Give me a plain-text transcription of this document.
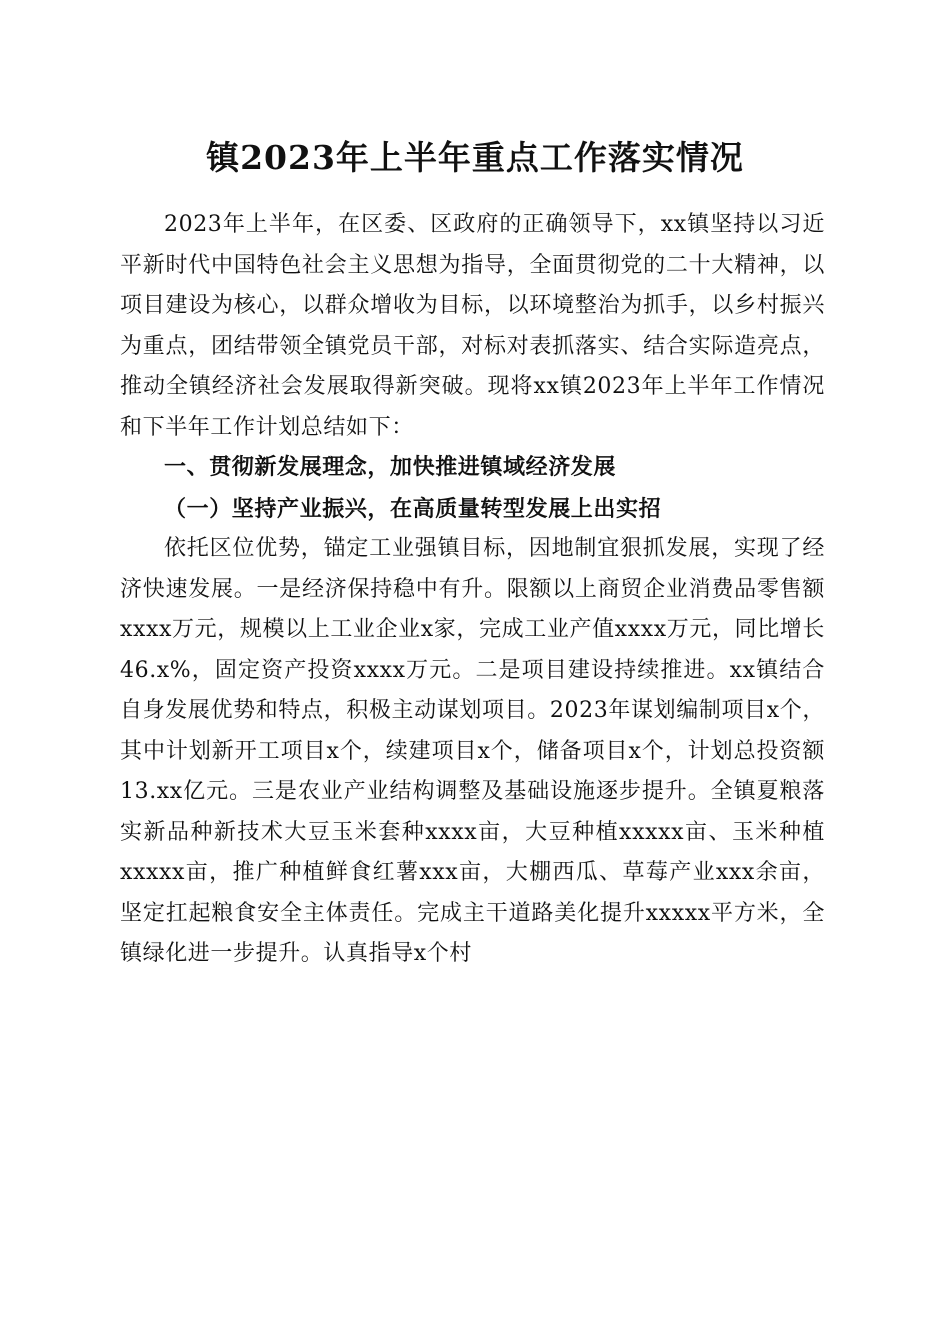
镇2023年上半年重点工作落实情况

2023年上半年，在区委、区政府的正确领导下，xx镇坚持以习近平新时代中国特色社会主义思想为指导，全面贯彻党的二十大精神，以项目建设为核心，以群众增收为目标，以环境整治为抓手，以乡村振兴为重点，团结带领全镇党员干部，对标对表抓落实、结合实际造亮点，推动全镇经济社会发展取得新突破。现将xx镇2023年上半年工作情况和下半年工作计划总结如下：

一、贯彻新发展理念，加快推进镇域经济发展
（一）坚持产业振兴，在高质量转型发展上出实招

依托区位优势，锚定工业强镇目标，因地制宜狠抓发展，实现了经济快速发展。一是经济保持稳中有升。限额以上商贸企业消费品零售额xxxx万元，规模以上工业企业x家，完成工业产值xxxx万元，同比增长46.x%，固定资产投资xxxx万元。二是项目建设持续推进。xx镇结合自身发展优势和特点，积极主动谋划项目。2023年谋划编制项目x个，其中计划新开工项目x个，续建项目x个，储备项目x个，计划总投资额13.xx亿元。三是农业产业结构调整及基础设施逐步提升。全镇夏粮落实新品种新技术大豆玉米套种xxxx亩，大豆种植xxxxx亩、玉米种植xxxxx亩，推广种植鲜食红薯xxx亩，大棚西瓜、草莓产业xxx余亩，坚定扛起粮食安全主体责任。完成主干道路美化提升xxxxx平方米，全镇绿化进一步提升。认真指导x个村
